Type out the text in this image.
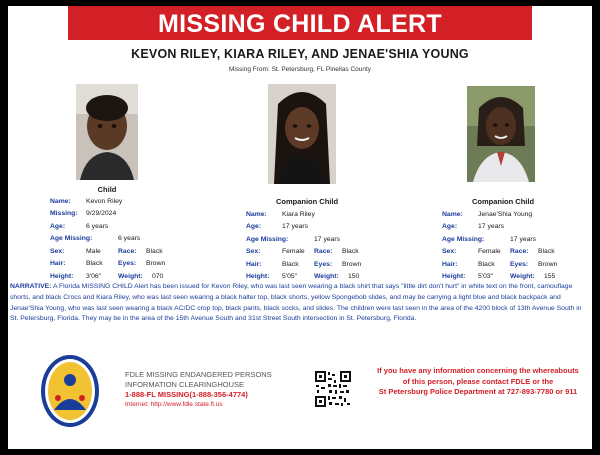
MISSING CHILD ALERT
KEVON RILEY, KIARA RILEY, AND JENAE'SHIA YOUNG
Missing From: St. Petersburg, FL Pinellas County
Child
Name:	Kevon Riley
Missing:	9/29/2024
Age:	6 years
Age Missing:	6 years
Sex:	Male	Race:	Black
Hair:	Black	Eyes:	Brown
Height:	3'06"	Weight:	070
Companion Child
Name:	Kiara Riley
Age:	17 years
Age Missing:	17 years
Sex:	Female	Race:	Black
Hair:	Black	Eyes:	Brown
Height:	5'05"	Weight:	150
Companion Child
Name:	Jenae'Shia Young
Age:	17 years
Age Missing:	17 years
Sex:	Female	Race:	Black
Hair:	Black	Eyes:	Brown
Height:	5'03"	Weight:	155
NARRATIVE: A Florida MISSING CHILD Alert has been issued for Kevon Riley, who was last seen wearing a black shirt that says "little dirt don't hurt" in white text on the front, camouflage shorts, and black Crocs and Kiara Riley, who was last seen wearing a black halter top, black shorts, yellow Spongebob slides, and may be carrying a light blue and black backpack and Jenae'Shia Young, who was last seen wearing a black AC/DC crop top, black pants, black socks, and slides. The children were last seen in the area of the 4200 block of 13th Avenue South in St. Petersburg, Florida. They may be in the area of the 15th Avenue South and 31st Street South intersection in St. Petersburg, Florida.
FDLE MISSING ENDANGERED PERSONS
INFORMATION CLEARINGHOUSE
1-888-FL MISSING(1-888-356-4774)
Internet: http://www.fdle.state.fl.us
If you have any information concerning the whereabouts
of this person, please contact FDLE or the
St Petersburg Police Department at 727-893-7780 or 911
